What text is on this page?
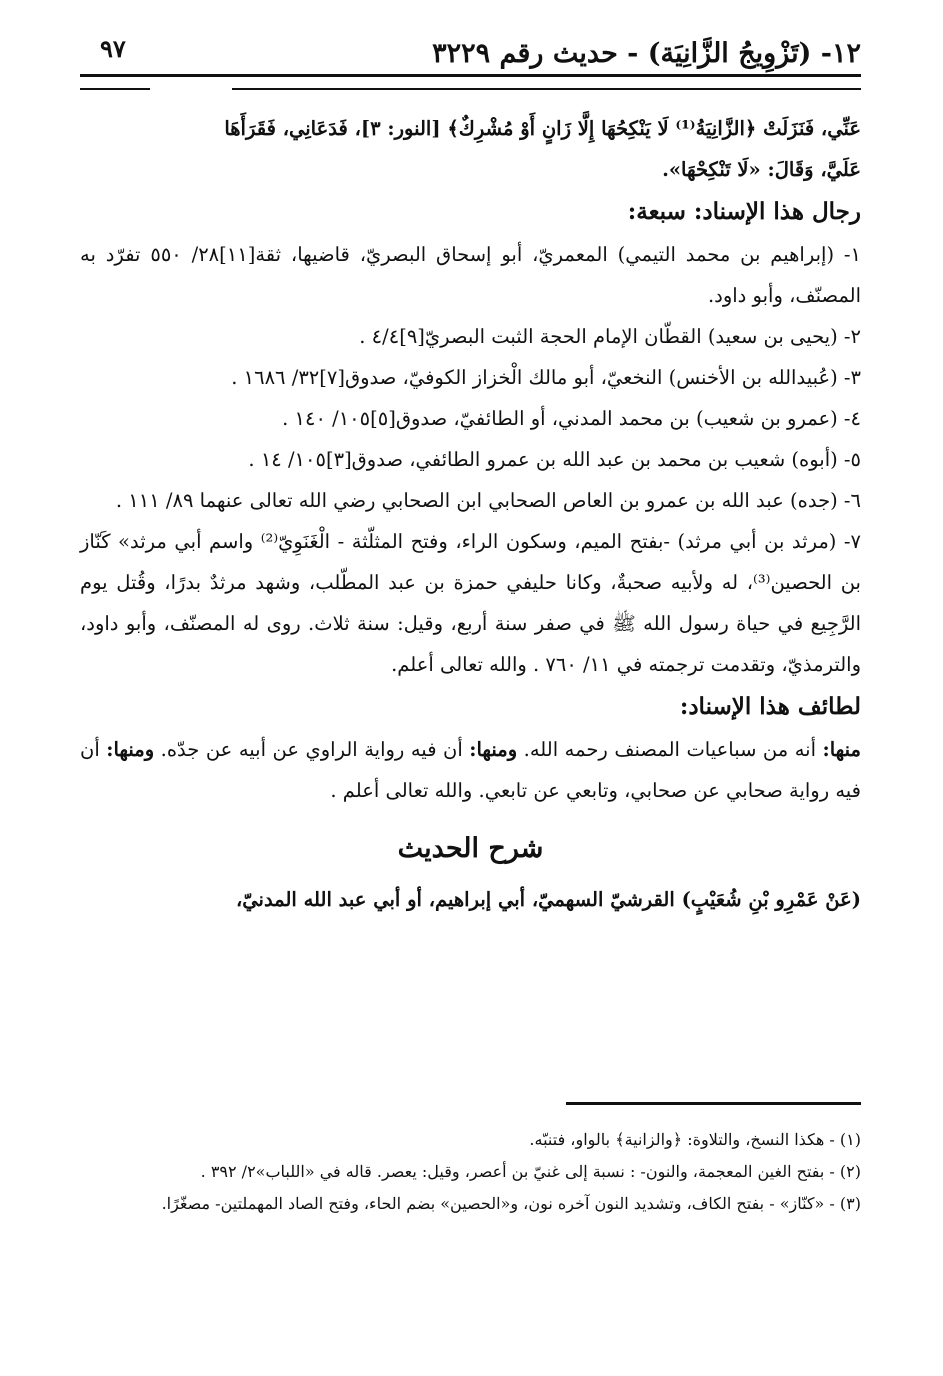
١٢- (تَزْوِيجُ الزَّانِيَة) - حديث رقم ٣٢٢٩
٩٧

عَنِّي، فَنَزَلَتْ ﴿الزَّانِيَةُ⁽¹⁾ لَا يَنْكِحُهَا إِلَّا زَانٍ أَوْ مُشْرِكٌ﴾ [النور: ٣]، فَدَعَانِي، فَقَرَأَهَا

عَلَيَّ، وَقَالَ: «لَا تَنْكِحْهَا».

رجال هذا الإسناد: سبعة:

١- (إبراهيم بن محمد التيمي) المعمريّ، أبو إسحاق البصريّ، قاضيها، ثقة[١١]٢٨/ ٥٥٠ تفرّد به المصنّف، وأبو داود.

٢- (يحيى بن سعيد) القطّان الإمام الحجة الثبت البصريّ[٩]٤/٤ .

٣- (عُبيدالله بن الأخنس) النخعيّ، أبو مالك الْخزاز الكوفيّ، صدوق[٧]٣٢/ ١٦٨٦ .

٤- (عمرو بن شعيب) بن محمد المدني، أو الطائفيّ، صدوق[٥]١٠٥/ ١٤٠ .

٥- (أبوه) شعيب بن محمد بن عبد الله بن عمرو الطائفي، صدوق[٣]١٠٥/ ١٤ .

٦- (جده) عبد الله بن عمرو بن العاص الصحابي ابن الصحابي رضي الله تعالى عنهما ٨٩/ ١١١ .

٧- (مرثد بن أبي مرثد) -بفتح الميم، وسكون الراء، وفتح المثلّثة - الْغَنَوِيّ⁽²⁾ واسم أبي مرثد» كَنّاز بن الحصين⁽³⁾، له ولأبيه صحبةٌ، وكانا حليفي حمزة بن عبد المطّلب، وشهد مرثدٌ بدرًا، وقُتل يوم الرَّجِيع في حياة رسول الله ﷺ في صفر سنة أربع، وقيل: سنة ثلاث. روى له المصنّف، وأبو داود، والترمذيّ، وتقدمت ترجمته في ١١/ ٧٦٠ . والله تعالى أعلم.

لطائف هذا الإسناد:

منها: أنه من سباعيات المصنف رحمه الله. ومنها: أن فيه رواية الراوي عن أبيه عن جدّه. ومنها: أن فيه رواية صحابي عن صحابي، وتابعي عن تابعي. والله تعالى أعلم .

شرح الحديث

(عَنْ عَمْرِو بْنِ شُعَيْبٍ) القرشيّ السهميّ، أبي إبراهيم، أو أبي عبد الله المدنيّ،

(١) - هكذا النسخ، والتلاوة: ﴿والزانية﴾ بالواو، فتنبّه.

(٢) - بفتح الغين المعجمة، والنون- : نسبة إلى غنيّ بن أعصر، وقيل: يعصر. قاله في «اللباب»٢/ ٣٩٢ .

(٣) - «كنّاز» - بفتح الكاف، وتشديد النون آخره نون، و«الحصين» بضم الحاء، وفتح الصاد المهملتين- مصغّرًا.
